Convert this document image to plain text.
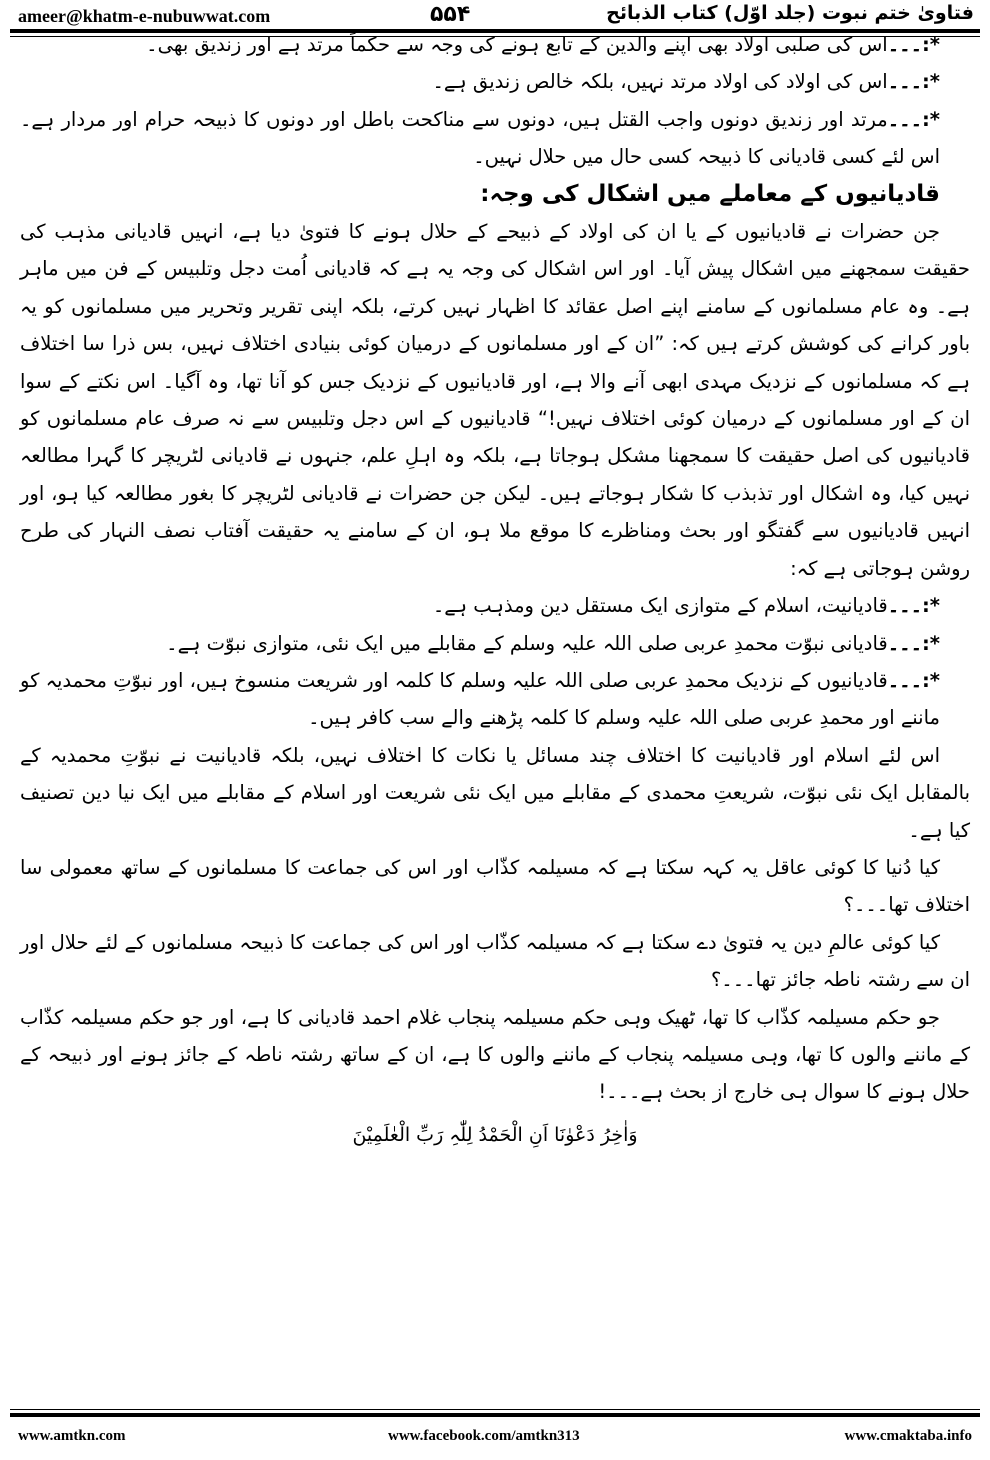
ameer@khatm-e-nubuwwat.com	۵۵۴	فتاویٰ ختم نبوت (جلد اوّل) کتاب الذبائح

*:۔۔۔اس کی صلبی اولاد بھی اپنے والدین کے تابع ہونے کی وجہ سے حکماً مرتد ہے اور زندیق بھی۔

*:۔۔۔اس کی اولاد کی اولاد مرتد نہیں، بلکہ خالص زندیق ہے۔

*:۔۔۔مرتد اور زندیق دونوں واجب القتل ہیں، دونوں سے مناکحت باطل اور دونوں کا ذبیحہ حرام اور مردار ہے۔ اس لئے کسی قادیانی کا ذبیحہ کسی حال میں حلال نہیں۔

قادیانیوں کے معاملے میں اشکال کی وجہ:

جن حضرات نے قادیانیوں کے یا ان کی اولاد کے ذبیحے کے حلال ہونے کا فتویٰ دیا ہے، انہیں قادیانی مذہب کی حقیقت سمجھنے میں اشکال پیش آیا۔ اور اس اشکال کی وجہ یہ ہے کہ قادیانی اُمت دجل وتلبیس کے فن میں ماہر ہے۔ وہ عام مسلمانوں کے سامنے اپنے اصل عقائد کا اظہار نہیں کرتے، بلکہ اپنی تقریر وتحریر میں مسلمانوں کو یہ باور کرانے کی کوشش کرتے ہیں کہ: ”ان کے اور مسلمانوں کے درمیان کوئی بنیادی اختلاف نہیں، بس ذرا سا اختلاف ہے کہ مسلمانوں کے نزدیک مہدی ابھی آنے والا ہے، اور قادیانیوں کے نزدیک جس کو آنا تھا، وہ آگیا۔ اس نکتے کے سوا ان کے اور مسلمانوں کے درمیان کوئی اختلاف نہیں!“ قادیانیوں کے اس دجل وتلبیس سے نہ صرف عام مسلمانوں کو قادیانیوں کی اصل حقیقت کا سمجھنا مشکل ہوجاتا ہے، بلکہ وہ اہلِ علم، جنہوں نے قادیانی لٹریچر کا گہرا مطالعہ نہیں کیا، وہ اشکال اور تذبذب کا شکار ہوجاتے ہیں۔ لیکن جن حضرات نے قادیانی لٹریچر کا بغور مطالعہ کیا ہو، اور انہیں قادیانیوں سے گفتگو اور بحث ومناظرے کا موقع ملا ہو، ان کے سامنے یہ حقیقت آفتاب نصف النہار کی طرح روشن ہوجاتی ہے کہ:

*:۔۔۔قادیانیت، اسلام کے متوازی ایک مستقل دین ومذہب ہے۔

*:۔۔۔قادیانی نبوّت محمدِ عربی صلی اللہ علیہ وسلم کے مقابلے میں ایک نئی، متوازی نبوّت ہے۔

*:۔۔۔قادیانیوں کے نزدیک محمدِ عربی صلی اللہ علیہ وسلم کا کلمہ اور شریعت منسوخ ہیں، اور نبوّتِ محمدیہ کو ماننے اور محمدِ عربی صلی اللہ علیہ وسلم کا کلمہ پڑھنے والے سب کافر ہیں۔

اس لئے اسلام اور قادیانیت کا اختلاف چند مسائل یا نکات کا اختلاف نہیں، بلکہ قادیانیت نے نبوّتِ محمدیہ کے بالمقابل ایک نئی نبوّت، شریعتِ محمدی کے مقابلے میں ایک نئی شریعت اور اسلام کے مقابلے میں ایک نیا دین تصنیف کیا ہے۔

کیا دُنیا کا کوئی عاقل یہ کہہ سکتا ہے کہ مسیلمہ کذّاب اور اس کی جماعت کا مسلمانوں کے ساتھ معمولی سا اختلاف تھا۔۔۔؟

کیا کوئی عالمِ دین یہ فتویٰ دے سکتا ہے کہ مسیلمہ کذّاب اور اس کی جماعت کا ذبیحہ مسلمانوں کے لئے حلال اور ان سے رشتہ ناطہ جائز تھا۔۔۔؟

جو حکم مسیلمہ کذّاب کا تھا، ٹھیک وہی حکم مسیلمہ پنجاب غلام احمد قادیانی کا ہے، اور جو حکم مسیلمہ کذّاب کے ماننے والوں کا تھا، وہی مسیلمہ پنجاب کے ماننے والوں کا ہے، ان کے ساتھ رشتہ ناطہ کے جائز ہونے اور ذبیحہ کے حلال ہونے کا سوال ہی خارج از بحث ہے۔۔۔!

وَاٰخِرُ دَعْوٰنَا اَنِ الْحَمْدُ لِلّٰہِ رَبِّ الْعٰلَمِیْنَ

www.amtkn.com	www.facebook.com/amtkn313	www.cmaktaba.info
